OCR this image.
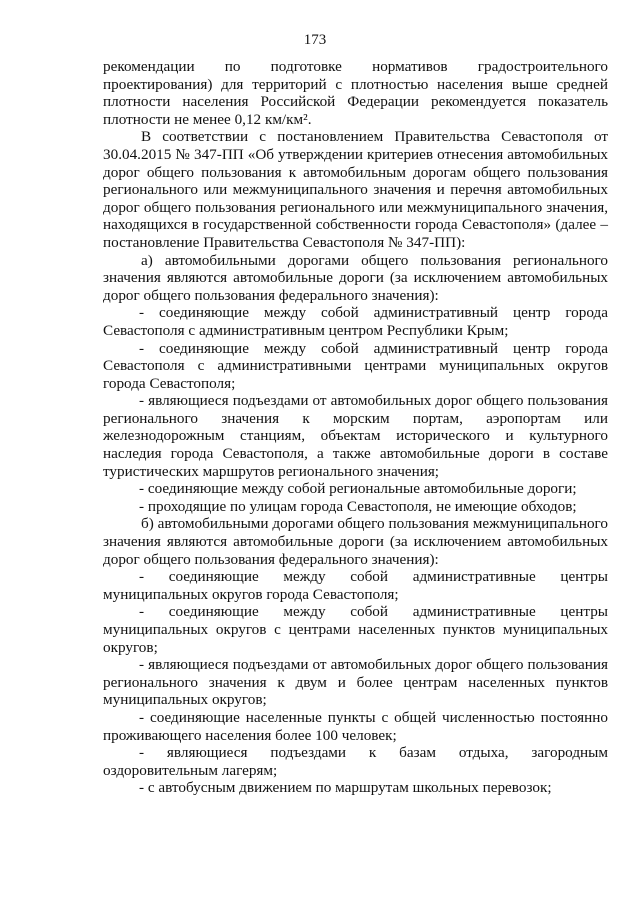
173

рекомендации по подготовке нормативов градостроительного проектирования) для территорий с плотностью населения выше средней плотности населения Российской Федерации рекомендуется показатель плотности не менее 0,12 км/км².

В соответствии с постановлением Правительства Севастополя от 30.04.2015 № 347-ПП «Об утверждении критериев отнесения автомобильных дорог общего пользования к автомобильным дорогам общего пользования регионального или межмуниципального значения и перечня автомобильных дорог общего пользования регионального или межмуниципального значения, находящихся в государственной собственности города Севастополя» (далее – постановление Правительства Севастополя № 347-ПП):

а) автомобильными дорогами общего пользования регионального значения являются автомобильные дороги (за исключением автомобильных дорог общего пользования федерального значения):

- соединяющие между собой административный центр города Севастополя с административным центром Республики Крым;

- соединяющие между собой административный центр города Севастополя с административными центрами муниципальных округов города Севастополя;

- являющиеся подъездами от автомобильных дорог общего пользования регионального значения к морским портам, аэропортам или железнодорожным станциям, объектам исторического и культурного наследия города Севастополя, а также автомобильные дороги в составе туристических маршрутов регионального значения;

- соединяющие между собой региональные автомобильные дороги;

- проходящие по улицам города Севастополя, не имеющие обходов;

б) автомобильными дорогами общего пользования межмуниципального значения являются автомобильные дороги (за исключением автомобильных дорог общего пользования федерального значения):

- соединяющие между собой административные центры муниципальных округов города Севастополя;

- соединяющие между собой административные центры муниципальных округов с центрами населенных пунктов муниципальных округов;

- являющиеся подъездами от автомобильных дорог общего пользования регионального значения к двум и более центрам населенных пунктов муниципальных округов;

- соединяющие населенные пункты с общей численностью постоянно проживающего населения более 100 человек;

- являющиеся подъездами к базам отдыха, загородным оздоровительным лагерям;

- с автобусным движением по маршрутам школьных перевозок;
